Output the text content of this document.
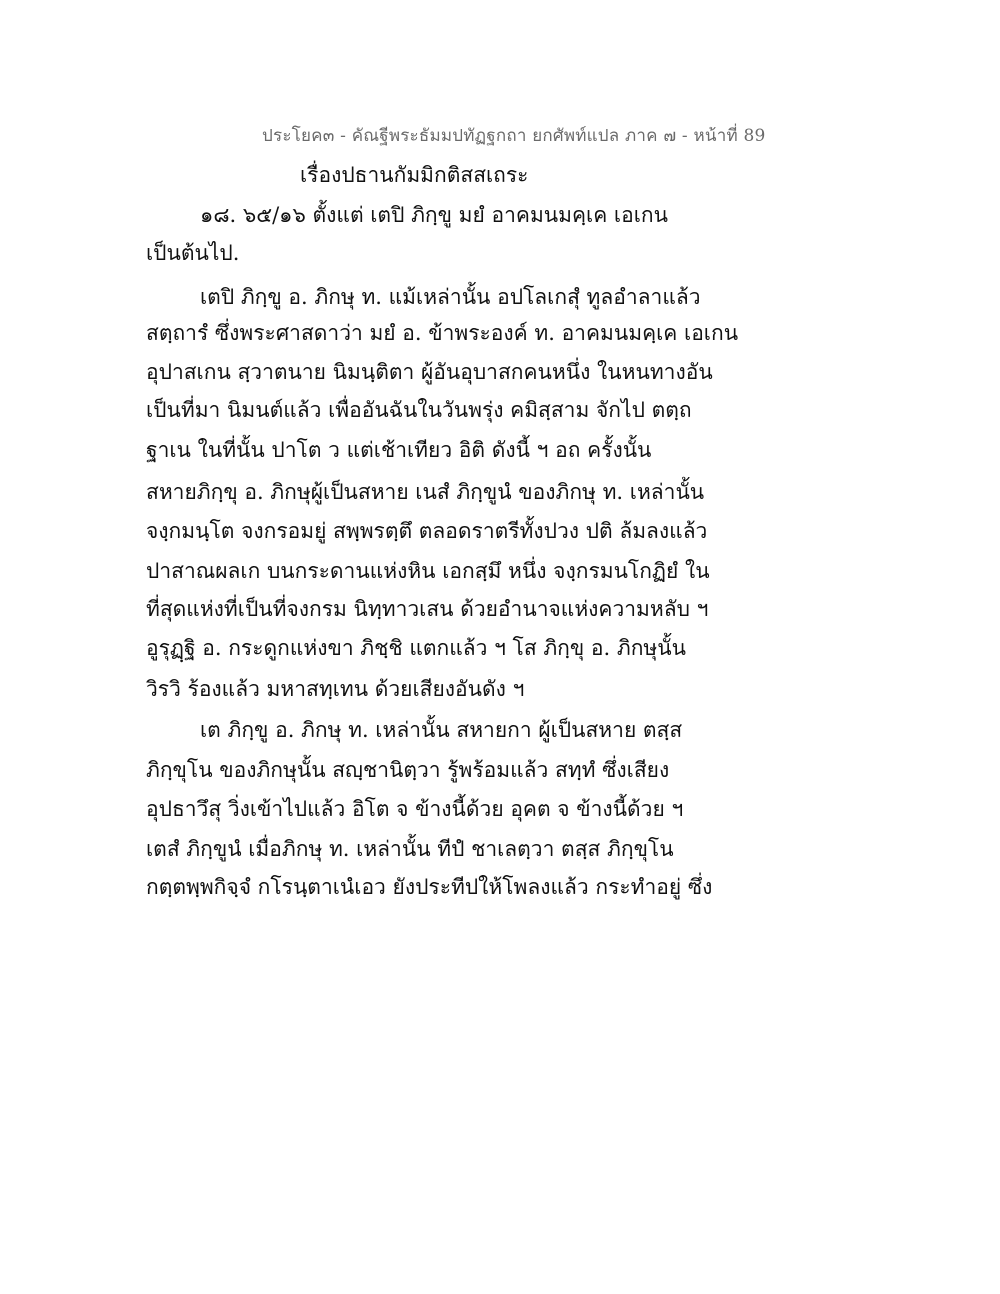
ประโยค๓ - คัณฐีพระธัมมปทัฏฐกถา ยกศัพท์แปล ภาค ๗ - หน้าที่ 89
เรื่องปธานกัมมิกติสสเถระ
๑๘. ๖๕/๑๖ ตั้งแต่ เตปิ ภิกฺขู มยํ อาคมนมคฺเค เอเกน
เป็นต้นไป.
เตปิ ภิกฺขู อ. ภิกษุ ท. แม้เหล่านั้น อปโลเกสุํ ทูลอำลาแล้ว
สตฺถารํ ซึ่งพระศาสดาว่า มยํ อ. ข้าพระองค์ ท. อาคมนมคฺเค เอเกน
อุปาสเกน สฺวาตนาย นิมนฺติตา ผู้อันอุบาสกคนหนึ่ง ในหนทางอัน
เป็นที่มา นิมนต์แล้ว เพื่ออันฉันในวันพรุ่ง คมิสฺสาม จักไป ตตฺถ
ฐาเน ในที่นั้น ปาโต ว แต่เช้าเทียว อิติ ดังนี้ ฯ อถ ครั้งนั้น
สหายภิกฺขุ อ. ภิกษุผู้เป็นสหาย เนสํ ภิกฺขูนํ ของภิกษุ ท. เหล่านั้น
จงฺกมนฺโต จงกรอมยู่ สพฺพรตฺตึ ตลอดราตรีทั้งปวง ปติ ล้มลงแล้ว
ปาสาณผลเก บนกระดานแห่งหิน เอกสฺมึ หนึ่ง จงฺกรมนโกฏิยํ ใน
ที่สุดแห่งที่เป็นที่จงกรม นิทฺทาวเสน ด้วยอำนาจแห่งความหลับ ฯ
อูรุฏฺฐิ อ. กระดูกแห่งขา ภิชฺชิ แตกแล้ว ฯ โส ภิกฺขุ อ. ภิกษุนั้น
วิรวิ ร้องแล้ว มหาสทฺเทน ด้วยเสียงอันดัง ฯ
เต ภิกฺขู อ. ภิกษุ ท. เหล่านั้น สหายกา ผู้เป็นสหาย ตสฺส
ภิกฺขุโน ของภิกษุนั้น สญฺชานิตฺวา รู้พร้อมแล้ว สทฺทํ ซึ่งเสียง
อุปธาวึสุ วิ่งเข้าไปแล้ว อิโต จ ข้างนี้ด้วย อุคต จ ข้างนี้ด้วย ฯ
เตสํ ภิกฺขูนํ เมื่อภิกษุ ท. เหล่านั้น ทีปํ ชาเลตฺวา ตสฺส ภิกฺขุโน
กตฺตพฺพกิจฺจํ กโรนฺตาเนํเอว ยังประทีปให้โพลงแล้ว กระทำอยู่ ซึ่ง
